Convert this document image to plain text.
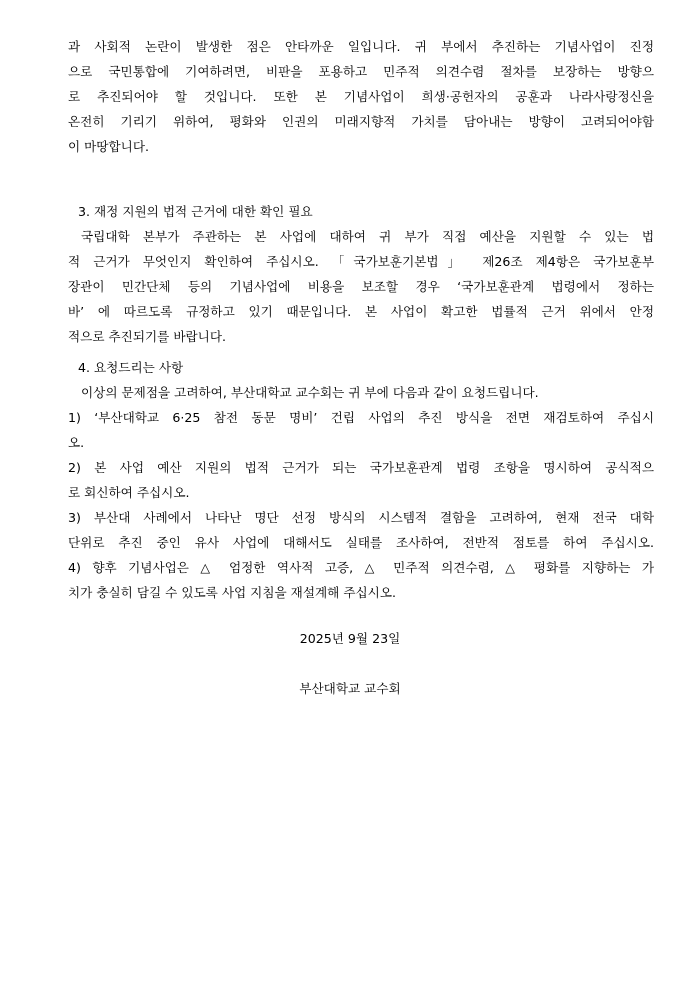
과 사회적 논란이 발생한 점은 안타까운 일입니다. 귀 부에서 추진하는 기념사업이 진정
으로 국민통합에 기여하려면, 비판을 포용하고 민주적 의견수렴 절차를 보장하는 방향으
로 추진되어야 할 것입니다. 또한 본 기념사업이 희생·공헌자의 공훈과 나라사랑정신을
온전히 기리기 위하여, 평화와 인권의 미래지향적 가치를 담아내는 방향이 고려되어야함
이 마땅합니다.
3. 재정 지원의 법적 근거에 대한 확인 필요
국립대학 본부가 주관하는 본 사업에 대하여 귀 부가 직접 예산을 지원할 수 있는 법
적 근거가 무엇인지 확인하여 주십시오. 「국가보훈기본법」 제26조 제4항은 국가보훈부
장관이 민간단체 등의 기념사업에 비용을 보조할 경우 ‘국가보훈관계 법령에서 정하는
바’ 에 따르도록 규정하고 있기 때문입니다. 본 사업이 확고한 법률적 근거 위에서 안정
적으로 추진되기를 바랍니다.
4. 요청드리는 사항
이상의 문제점을 고려하여, 부산대학교 교수회는 귀 부에 다음과 같이 요청드립니다.
1) ‘부산대학교 6·25 참전 동문 명비’ 건립 사업의 추진 방식을 전면 재검토하여 주십시
오.
2) 본 사업 예산 지원의 법적 근거가 되는 국가보훈관계 법령 조항을 명시하여 공식적으
로 회신하여 주십시오.
3) 부산대 사례에서 나타난 명단 선정 방식의 시스템적 결함을 고려하여, 현재 전국 대학
단위로 추진 중인 유사 사업에 대해서도 실태를 조사하여, 전반적 점토를 하여 주십시오.
4) 향후 기념사업은 △ 엄정한 역사적 고증, △ 민주적 의견수렴, △ 평화를 지향하는 가
치가 충실히 담길 수 있도록 사업 지침을 재설계해 주십시오.
2025년 9월 23일
부산대학교 교수회
